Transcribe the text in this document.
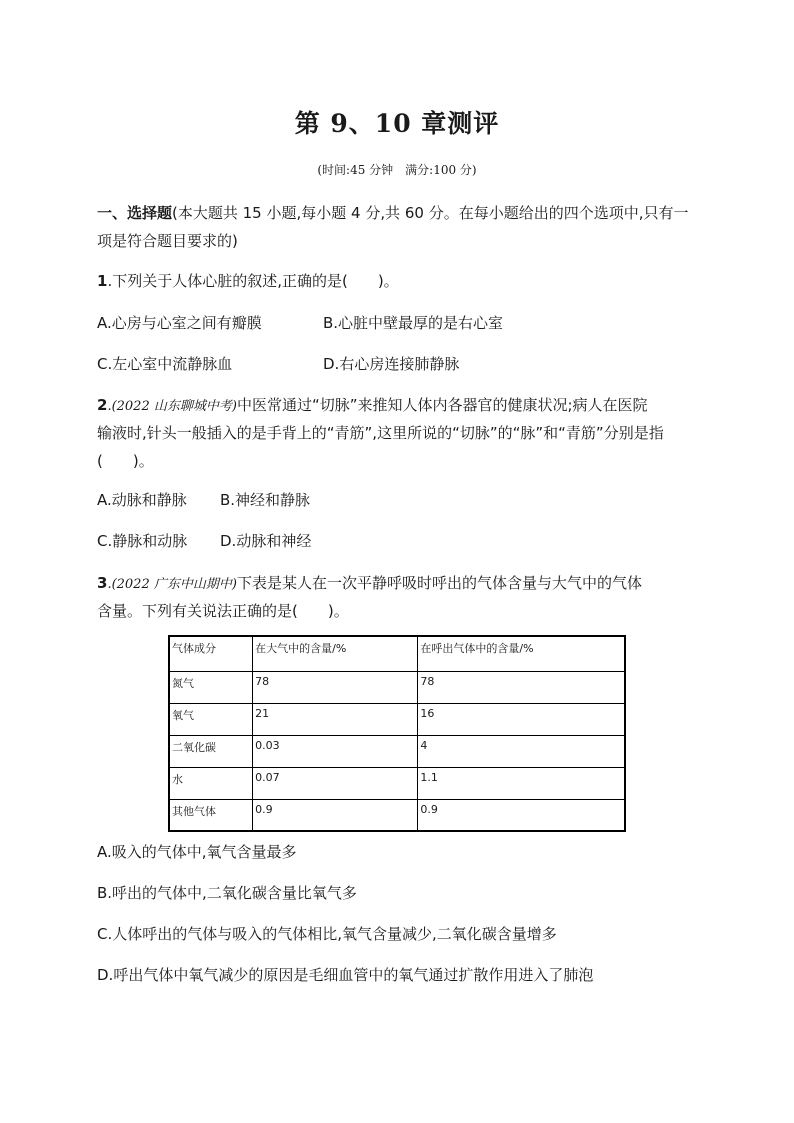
第 9、10 章测评
(时间:45 分钟　满分:100 分)
一、选择题(本大题共 15 小题,每小题 4 分,共 60 分。在每小题给出的四个选项中,只有一项是符合题目要求的)
1.下列关于人体心脏的叙述,正确的是(　　)。
A.心房与心室之间有瓣膜	B.心脏中壁最厚的是右心室
C.左心室中流静脉血	D.右心房连接肺静脉
2.(2022 山东聊城中考)中医常通过“切脉”来推知人体内各器官的健康状况;病人在医院
输液时,针头一般插入的是手背上的“青筋”,这里所说的“切脉”的“脉”和“青筋”分别是指
(　　)。
A.动脉和静脉 B.神经和静脉
C.静脉和动脉 D.动脉和神经
3.(2022 广东中山期中)下表是某人在一次平静呼吸时呼出的气体含量与大气中的气体
含量。下列有关说法正确的是(　　)。
气体成分	在大气中的含量/%	在呼出气体中的含量/%
氮气	78	78
氧气	21	16
二氧化碳	0.03	4
水	0.07	1.1
其他气体	0.9	0.9
A.吸入的气体中,氧气含量最多
B.呼出的气体中,二氧化碳含量比氧气多
C.人体呼出的气体与吸入的气体相比,氧气含量减少,二氧化碳含量增多
D.呼出气体中氧气减少的原因是毛细血管中的氧气通过扩散作用进入了肺泡
